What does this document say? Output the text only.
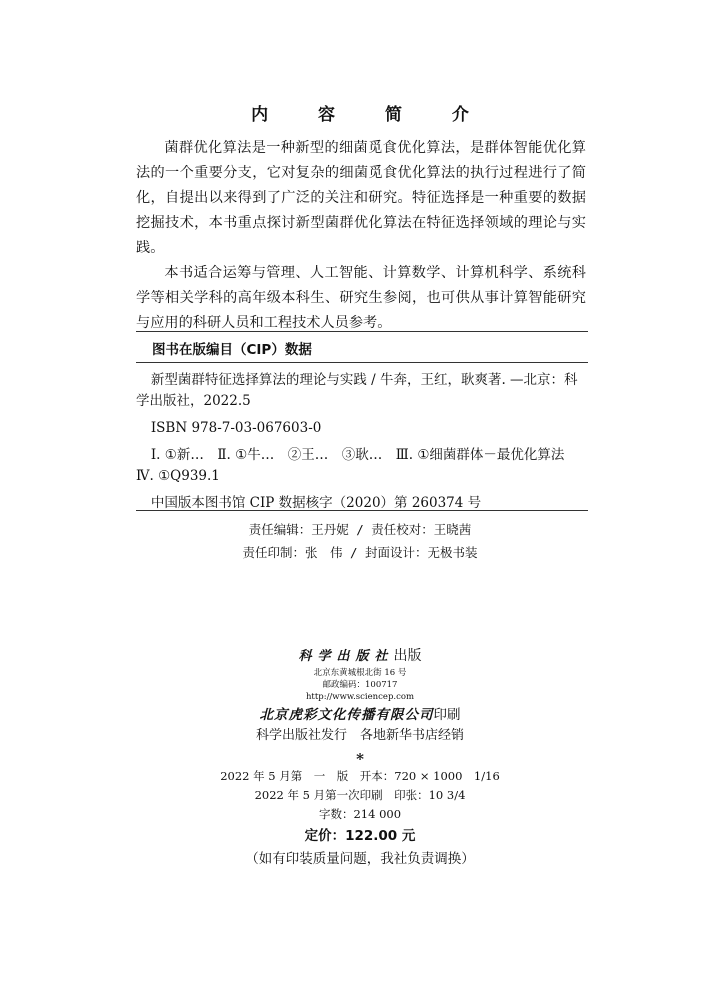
内 容 简 介

菌群优化算法是一种新型的细菌觅食优化算法，是群体智能优化算法的一个重要分支，它对复杂的细菌觅食优化算法的执行过程进行了简化，自提出以来得到了广泛的关注和研究。特征选择是一种重要的数据挖掘技术，本书重点探讨新型菌群优化算法在特征选择领域的理论与实践。

本书适合运筹与管理、人工智能、计算数学、计算机科学、系统科学等相关学科的高年级本科生、研究生参阅，也可供从事计算智能研究与应用的科研人员和工程技术人员参考。

图书在版编目（CIP）数据

新型菌群特征选择算法的理论与实践 / 牛奔，王红，耿爽著. —北京：科学出版社，2022.5

ISBN 978-7-03-067603-0

Ⅰ. ①新…　Ⅱ. ①牛…　②王…　③耿…　Ⅲ. ①细菌群体－最优化算法　Ⅳ. ①Q939.1

中国版本图书馆 CIP 数据核字（2020）第 260374 号

责任编辑：王丹妮 / 责任校对：王晓茜
责任印制：张　伟 / 封面设计：无极书装
科学出版社出版
北京东黄城根北街 16 号
邮政编码：100717
http://www.sciencep.com
北京虎彩文化传播有限公司印刷
科学出版社发行　各地新华书店经销
*
2022 年 5 月第　一　版　开本：720 × 1000　1/16
2022 年 5 月第一次印刷　印张：10 3/4
字数：214 000
定价：122.00 元
（如有印装质量问题，我社负责调换）
